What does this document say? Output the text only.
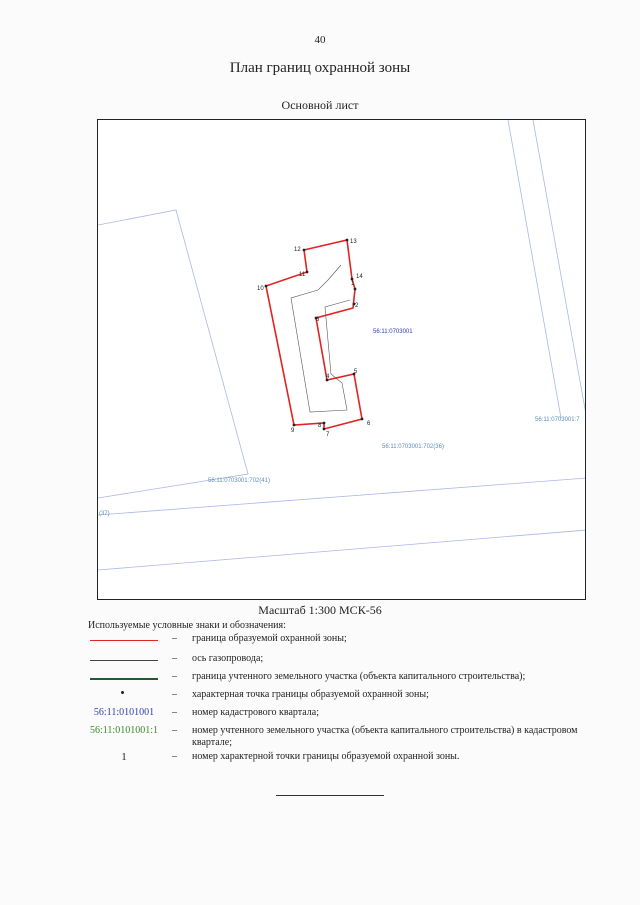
40
План границ охранной зоны
Основной лист
1
2
3
4
5
6
7
8
9
10
11
12
13
14
56:11:0703001
56:11:0703001:702(36)
56:11:0703001:702(41)
56:11:0703001:7
(37)
Масштаб 1:300 МСК-56
Используемые условные знаки и обозначения:
– граница образуемой охранной зоны;
– ось газопровода;
– граница учтенного земельного участка (объекта капитального строительства);
– характерная точка границы образуемой охранной зоны;
56:11:0101001	– номер кадастрового квартала;
56:11:0101001:1 – номер учтенного земельного участка (объекта капитального строительства) в кадастровом квартале;
1	– номер характерной точки границы образуемой охранной зоны.
